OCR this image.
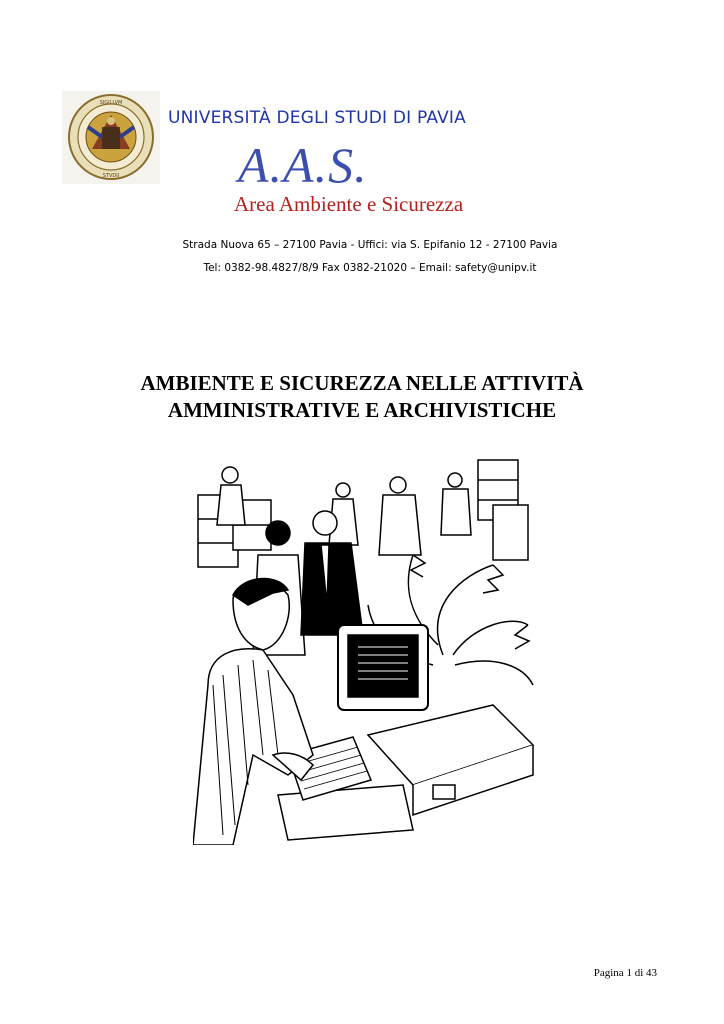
SIGILLVM
STVDII
UNIVERSITÀ DEGLI STUDI DI PAVIA
A.A.S.
Area Ambiente e Sicurezza
Strada Nuova 65 – 27100 Pavia - Uffici: via S. Epifanio 12 - 27100 Pavia
Tel: 0382-98.4827/8/9 Fax 0382-21020 – Email: safety@unipv.it
AMBIENTE E SICUREZZA NELLE ATTIVITÀ
AMMINISTRATIVE E ARCHIVISTICHE
Pagina 1 di 43
